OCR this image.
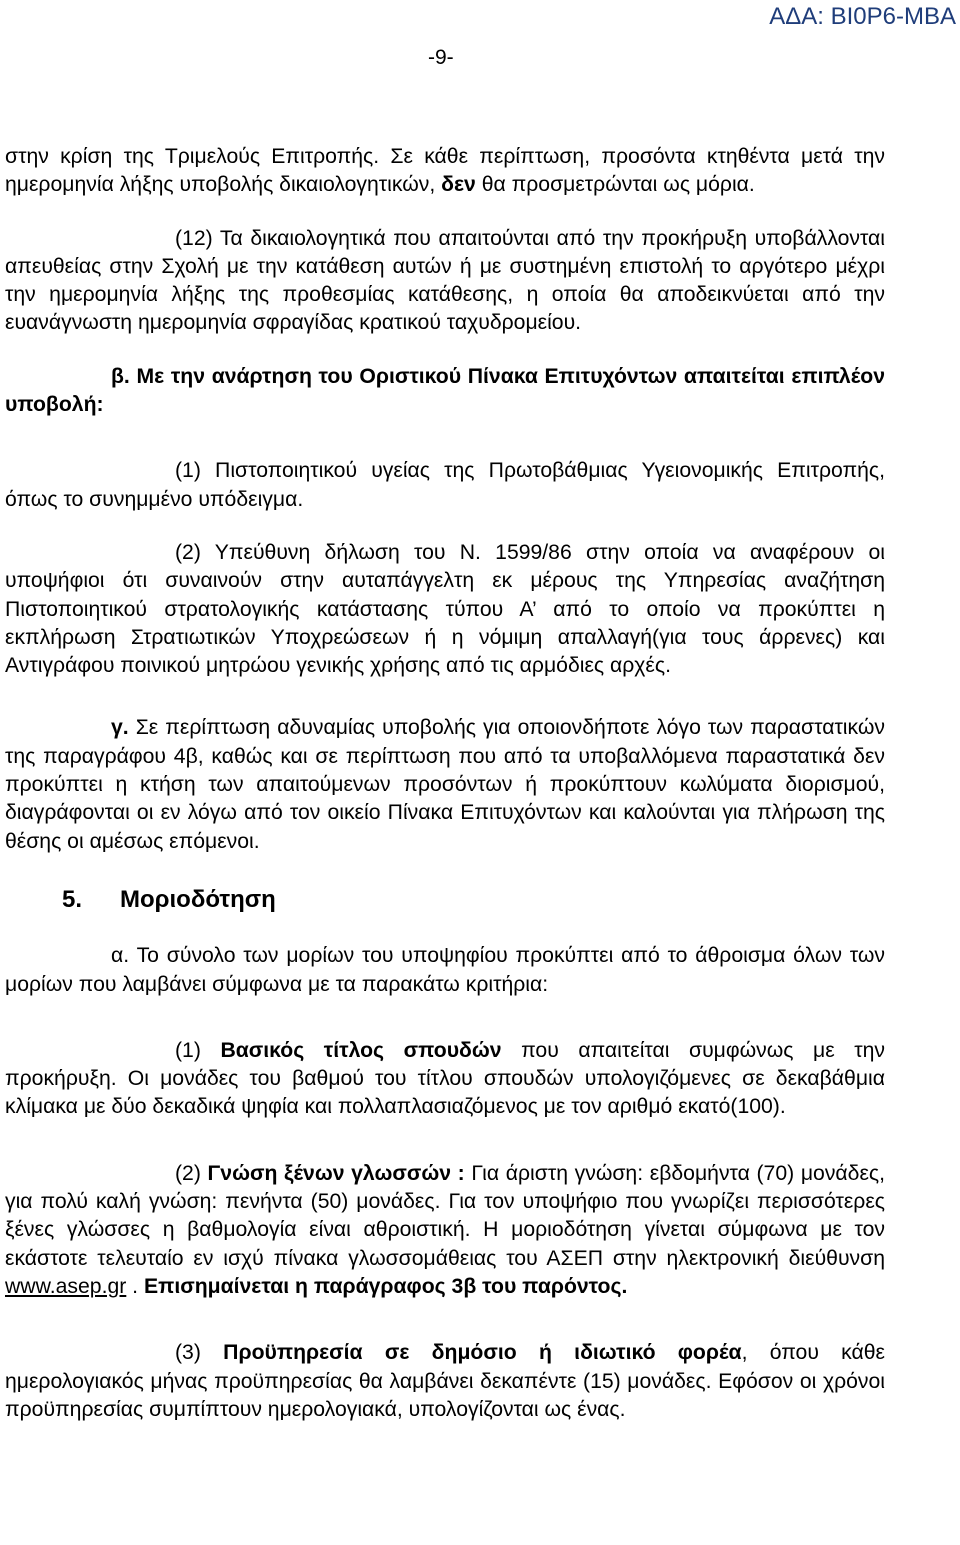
ΑΔΑ: ΒΙ0Ρ6-ΜΒΑ
-9-

στην κρίση της Τριμελούς Επιτροπής. Σε κάθε περίπτωση, προσόντα κτηθέντα μετά την ημερομηνία λήξης υποβολής δικαιολογητικών, δεν θα προσμετρώνται ως μόρια.

(12) Τα δικαιολογητικά που απαιτούνται από την προκήρυξη υποβάλλονται απευθείας στην Σχολή με την κατάθεση αυτών ή με συστημένη επιστολή το αργότερο μέχρι την ημερομηνία λήξης της προθεσμίας κατάθεσης, η οποία θα αποδεικνύεται από την ευανάγνωστη ημερομηνία σφραγίδας κρατικού ταχυδρομείου.

β. Με την ανάρτηση του Οριστικού Πίνακα Επιτυχόντων απαιτείται επιπλέον υποβολή:

(1) Πιστοποιητικού υγείας της Πρωτοβάθμιας Υγειονομικής Επιτροπής, όπως το συνημμένο υπόδειγμα.

(2) Υπεύθυνη δήλωση του Ν. 1599/86 στην οποία να αναφέρουν οι υποψήφιοι ότι συναινούν στην αυταπάγγελτη εκ μέρους της Υπηρεσίας αναζήτηση Πιστοποιητικού στρατολογικής κατάστασης τύπου Α’ από το οποίο να προκύπτει η εκπλήρωση Στρατιωτικών Υποχρεώσεων ή η νόμιμη απαλλαγή(για τους άρρενες) και Αντιγράφου ποινικού μητρώου γενικής χρήσης από τις αρμόδιες αρχές.

γ. Σε περίπτωση αδυναμίας υποβολής για οποιονδήποτε λόγο των παραστατικών της παραγράφου 4β, καθώς και σε περίπτωση που από τα υποβαλλόμενα παραστατικά δεν προκύπτει η κτήση των απαιτούμενων προσόντων ή προκύπτουν κωλύματα διορισμού, διαγράφονται οι εν λόγω από τον οικείο Πίνακα Επιτυχόντων και καλούνται για πλήρωση της θέσης οι αμέσως επόμενοι.

5. Μοριοδότηση

α. Το σύνολο των μορίων του υποψηφίου προκύπτει από το άθροισμα όλων των μορίων που λαμβάνει σύμφωνα με τα παρακάτω κριτήρια:

(1) Βασικός τίτλος σπουδών που απαιτείται συμφώνως με την προκήρυξη. Οι μονάδες του βαθμού του τίτλου σπουδών υπολογιζόμενες σε δεκαβάθμια κλίμακα με δύο δεκαδικά ψηφία και πολλαπλασιαζόμενος με τον αριθμό εκατό(100).

(2) Γνώση ξένων γλωσσών : Για άριστη γνώση: εβδομήντα (70) μονάδες, για πολύ καλή γνώση: πενήντα (50) μονάδες. Για τον υποψήφιο που γνωρίζει περισσότερες ξένες γλώσσες η βαθμολογία είναι αθροιστική. Η μοριοδότηση γίνεται σύμφωνα με τον εκάστοτε τελευταίο εν ισχύ πίνακα γλωσσομάθειας του ΑΣΕΠ στην ηλεκτρονική διεύθυνση www.asep.gr . Επισημαίνεται η παράγραφος 3β του παρόντος.

(3) Προϋπηρεσία σε δημόσιο ή ιδιωτικό φορέα, όπου κάθε ημερολογιακός μήνας προϋπηρεσίας θα λαμβάνει δεκαπέντε (15) μονάδες. Εφόσον οι χρόνοι προϋπηρεσίας συμπίπτουν ημερολογιακά, υπολογίζονται ως ένας.
